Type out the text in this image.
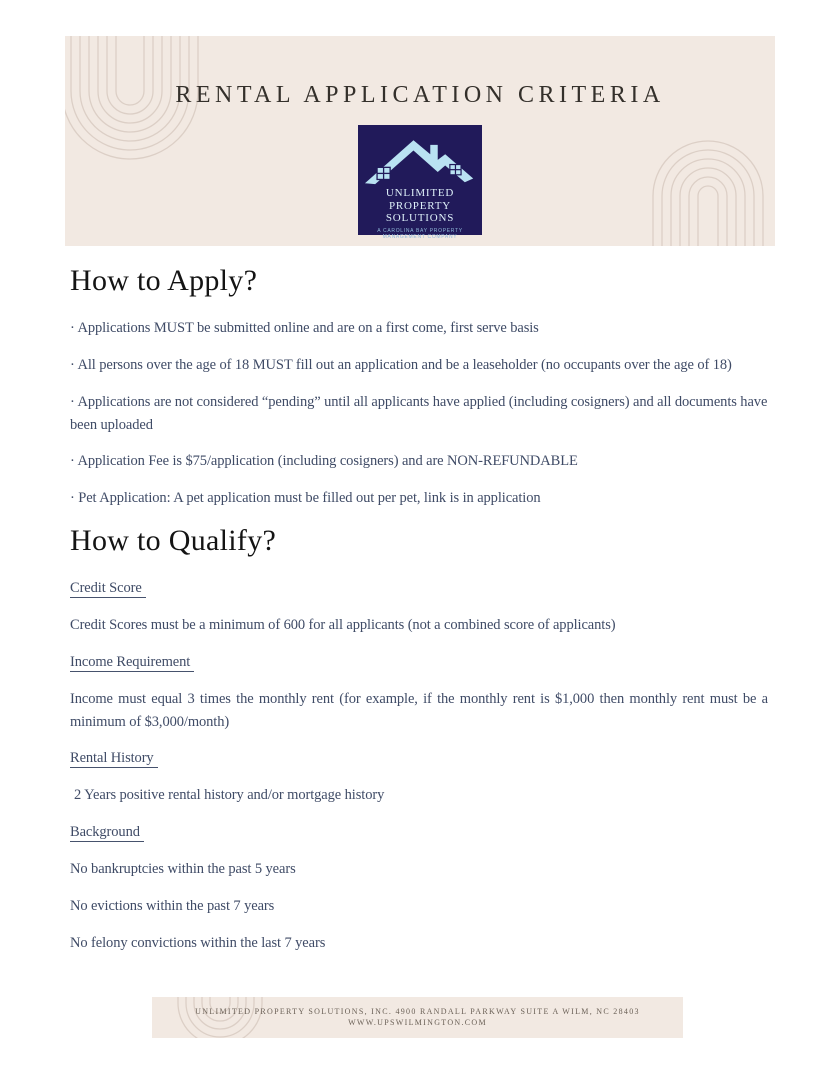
RENTAL APPLICATION CRITERIA
UNLIMITED
PROPERTY
SOLUTIONS
A CAROLINA BAY PROPERTY
MANAGEMENT COMPANY
How to Apply?

· Applications MUST be submitted online and are on a first come, first serve basis

· All persons over the age of 18 MUST fill out an application and be a leaseholder (no occupants over the age of 18)

· Applications are not considered “pending” until all applicants have applied (including cosigners) and all documents have been uploaded

· Application Fee is $75/application (including cosigners) and are NON-REFUNDABLE

· Pet Application: A pet application must be filled out per pet, link is in application

How to Qualify?

Credit Score

Credit Scores must be a minimum of 600 for all applicants (not a combined score of applicants)

Income Requirement

Income must equal 3 times the monthly rent (for example, if the monthly rent is $1,000 then monthly rent must be a minimum of $3,000/month)

Rental History

2 Years positive rental history and/or mortgage history

Background

No bankruptcies within the past 5 years

No evictions within the past 7 years

No felony convictions within the last 7 years

UNLIMITED PROPERTY SOLUTIONS, INC. 4900 RANDALL PARKWAY SUITE A WILM, NC 28403
WWW.UPSWILMINGTON.COM
